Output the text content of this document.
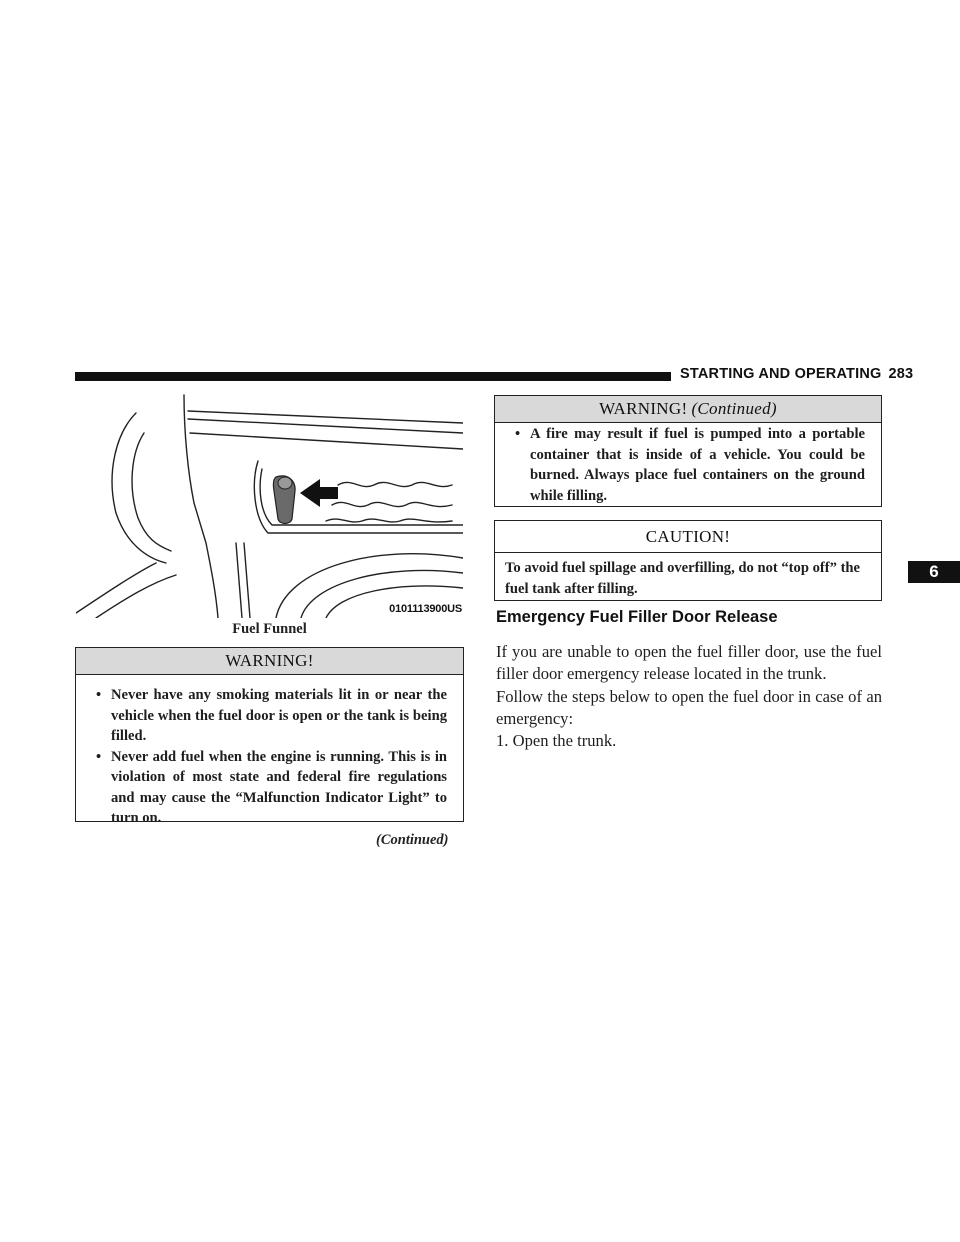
STARTING AND OPERATING 283
0101113900US
Fuel Funnel
WARNING!
• Never have any smoking materials lit in or near the vehicle when the fuel door is open or the tank is being filled.
• Never add fuel when the engine is running. This is in violation of most state and federal fire regulations and may cause the “Malfunction Indicator Light” to turn on.
(Continued)
WARNING! (Continued)
• A fire may result if fuel is pumped into a portable container that is inside of a vehicle. You could be burned. Always place fuel containers on the ground while filling.
CAUTION!
To avoid fuel spillage and overfilling, do not “top off” the fuel tank after filling.
Emergency Fuel Filler Door Release
If you are unable to open the fuel filler door, use the fuel filler door emergency release located in the trunk.
Follow the steps below to open the fuel door in case of an emergency:
1. Open the trunk.
6
